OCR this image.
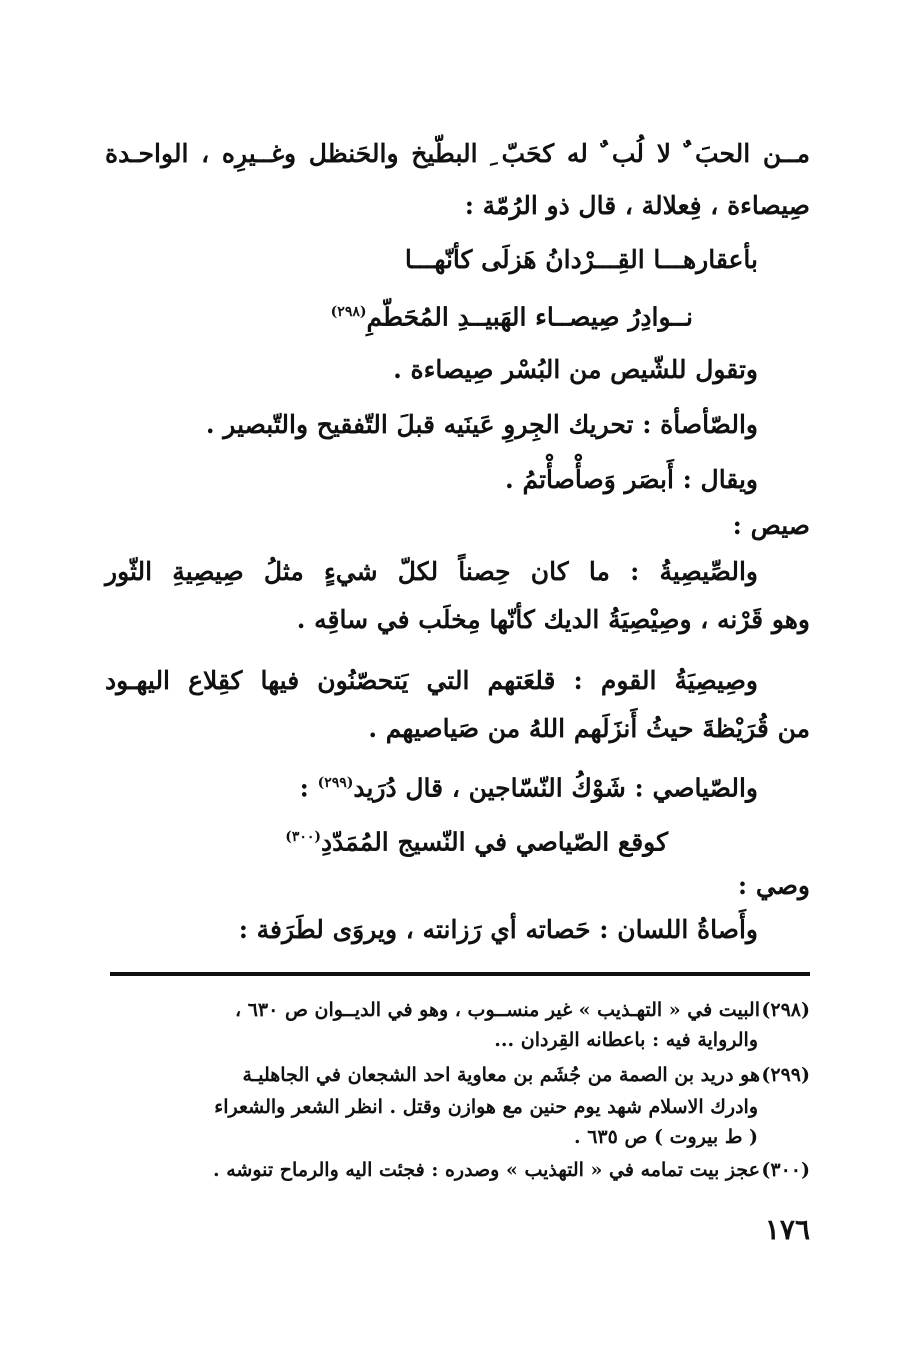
مــن الحبَ ٌ لا لُب ٌ له كحَبّ ِ البطّيخ والحَنظل وغــيرِه ، الواحـدة
صِيصاءة ، فِعلالة ، قال ذو الرُمّة :
بأعقارهـــا القِـــرْدانُ هَزلَى كأنّهـــا
نــوادِرُ صِيصــاء الهَبيــدِ المُحَطّمِ$^{(٢٩٨)}$
وتقول للشّيص من البُسْر صِيصاءة .
والصّأصأة : تحريك الجِروِ عَينَيه قبلَ التّفقيح والتّبصير .
ويقال : أَبصَر وَصأْصأْتمُ .
صيص :
والصِّيصِيةُ : ما كان حِصناً لكلّ شيءٍ مثلُ صِيصِيةِ الثّور
وهو قَرْنه ، وصِيْصِيَةُ الديك كأنّها مِخلَب في ساقِه .
وصِيصِيَةُ القوم : قلعَتهم التي يَتحصّنُون فيها كقِلاع اليهـود
من قُرَيْظةَ حيثُ أَنزَلَهم اللهُ من صَياصيهم .
والصّياصي : شَوْكُ النّسّاجين ، قال دُرَيد$^{(٢٩٩)}$ :
كوقع الصّياصي في النّسيج المُمَدّدِ$^{(٣٠٠)}$
وصي :
وأَصاةُ اللسان : حَصاته أي رَزانته ، ويروَى لطَرَفة :
(٢٩٨)البيت في « التهـذيب » غير منســوب ، وهو في الديــوان ص ٦٣٠ ،
والرواية فيه : باعطانه القِردان ...
(٢٩٩)هو دريد بن الصمة من جُشَم بن معاوية احد الشجعان في الجاهليـة
وادرك الاسلام شهد يوم حنين مع هوازن وقتل . انظر الشعر والشعراء
( ط بيروت ) ص ٦٣٥ .
(٣٠٠)عجز بيت تمامه في « التهذيب » وصدره : فجئت اليه والرماح تنوشه .
١٧٦
